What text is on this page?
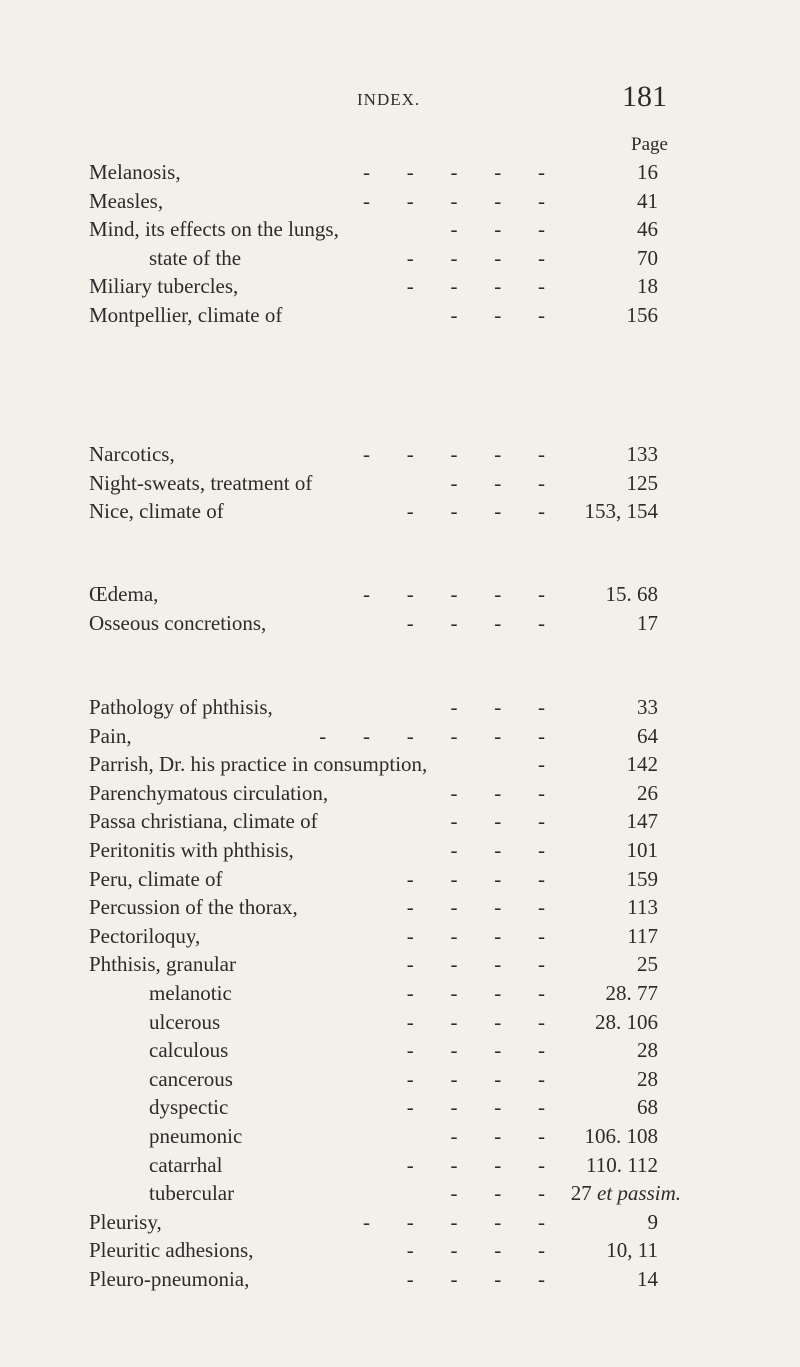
INDEX.	181
Page
Melanosis,	-       -       -       -       -	16
Measles,	-       -       -       -       -	41
Mind, its effects on the lungs,	-       -       -	46
state of the	-       -       -       -	70
Miliary tubercles,	-       -       -       -	18
Montpellier, climate of	-       -       -	156
Narcotics,	-       -       -       -       -	133
Night-sweats, treatment of	-       -       -	125
Nice, climate of	-       -       -       - 153, 154
Œdema,	-       -       -       -       -	15. 68
Osseous concretions,	-       -       -       -	17
Pathology of phthisis,	-       -       -	33
Pain,	-       -       -       -       -       -	64
Parrish, Dr. his practice in consumption,	-	142
Parenchymatous circulation,	-       -       -	26
Passa christiana, climate of	-       -       -	147
Peritonitis with phthisis,	-       -       -	101
Peru, climate of	-       -       -       -	159
Percussion of the thorax,	-       -       -       -	113
Pectoriloquy,	-       -       -       -	117
Phthisis, granular	-       -       -       -	25
melanotic	-       -       -       -	28. 77
ulcerous	-       -       -       - 28. 106
calculous	-       -       -       -	28
cancerous	-       -       -       -	28
dyspectic	-       -       -       -	68
pneumonic	-       -       - 106. 108
catarrhal	-       -       -       - 110. 112
tubercular	-       -       - 27 et passim.
Pleurisy,	-       -       -       -       -	9
Pleuritic adhesions,	-       -       -       -	10, 11
Pleuro-pneumonia,	-       -       -       -	14
